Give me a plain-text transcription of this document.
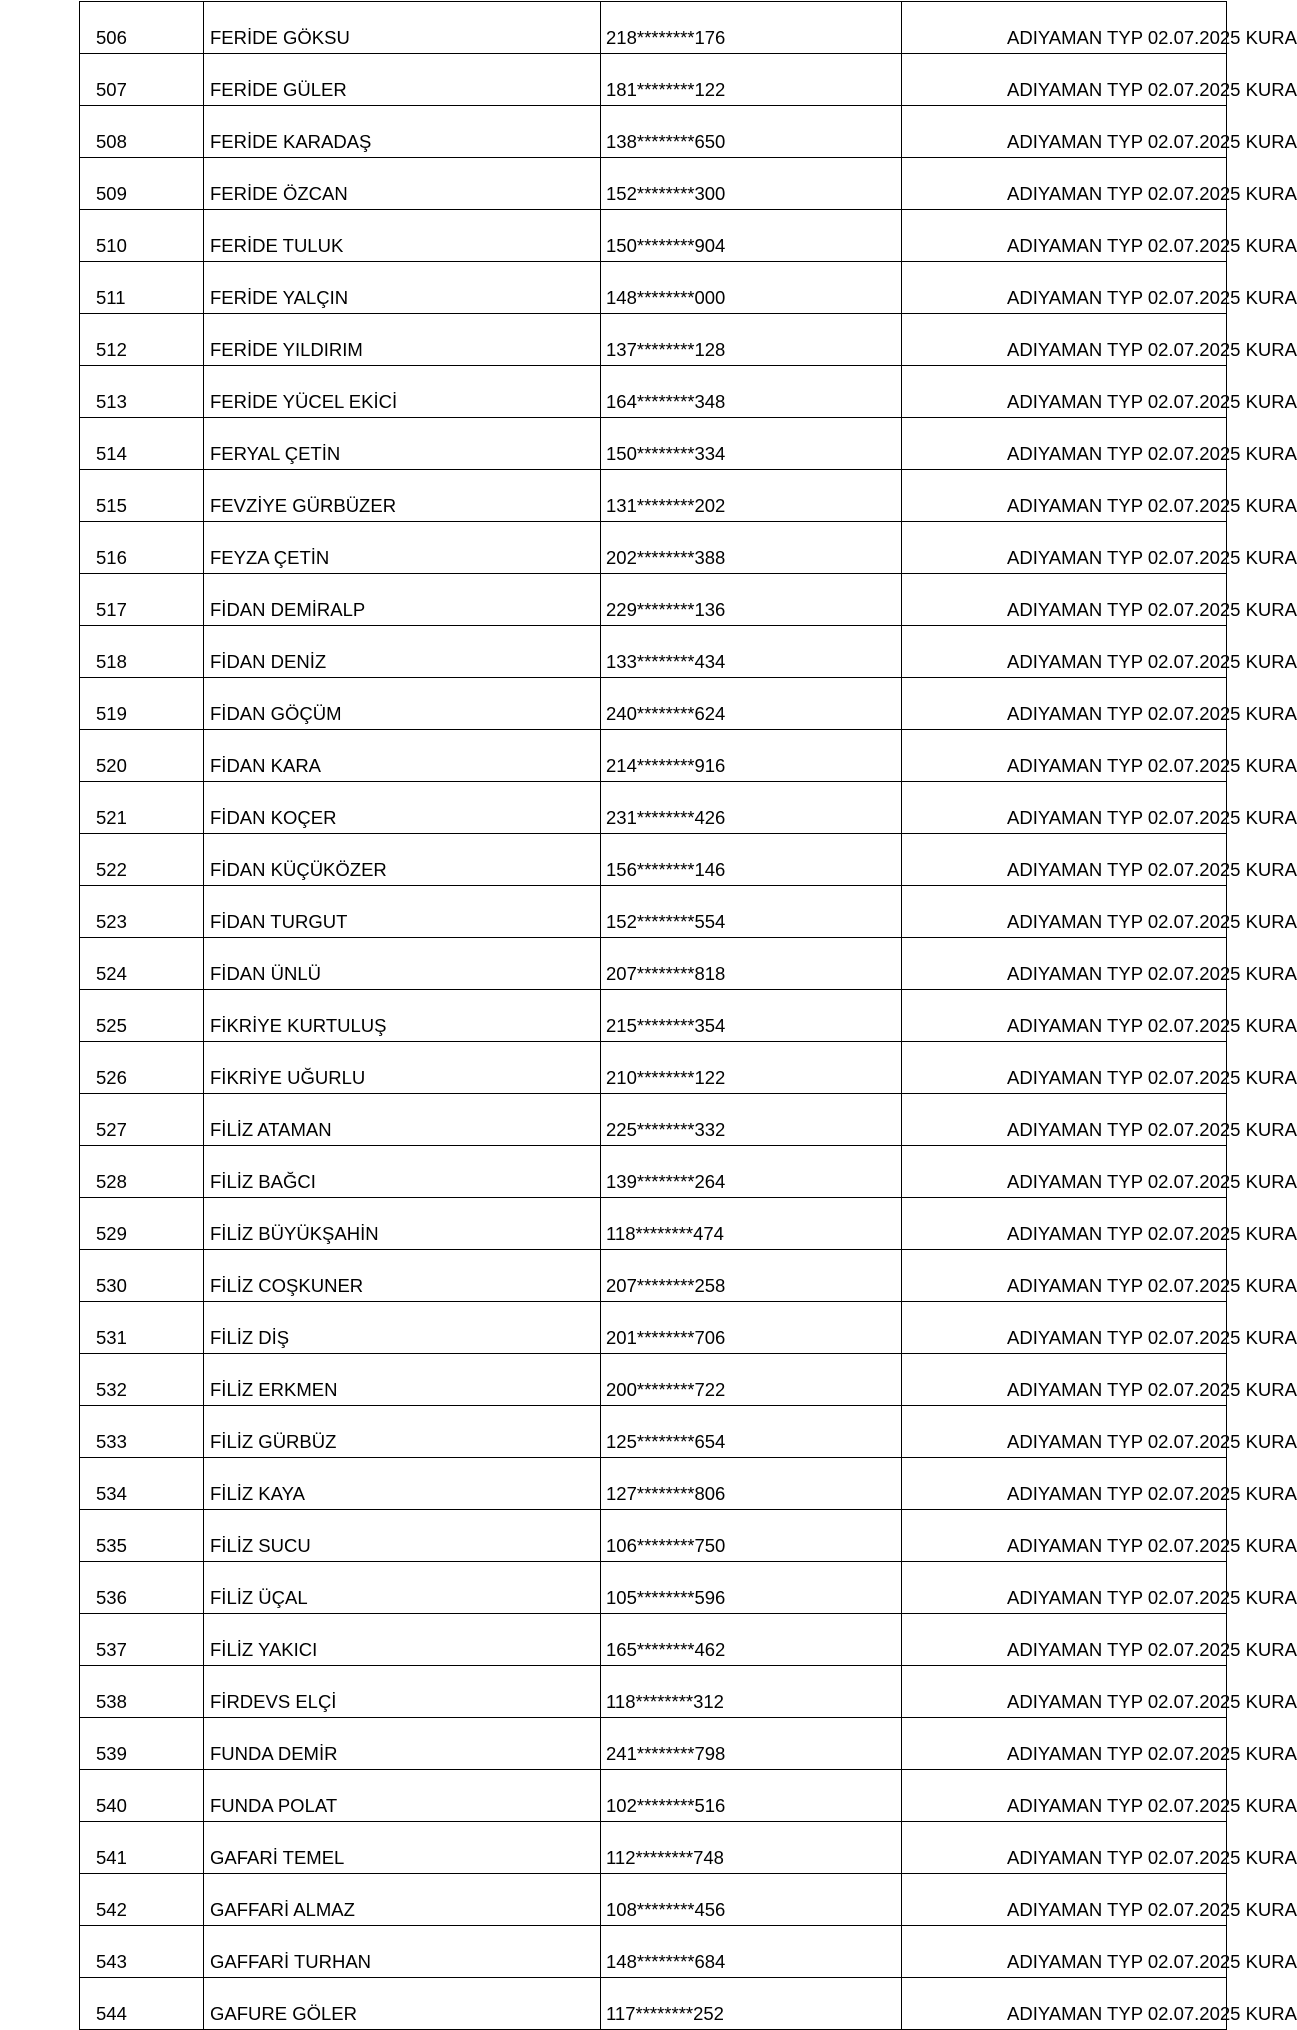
506	FERİDE GÖKSU	218********176	ADIYAMAN TYP 02.07.2025 KURA
507	FERİDE GÜLER	181********122	ADIYAMAN TYP 02.07.2025 KURA
508	FERİDE KARADAŞ	138********650	ADIYAMAN TYP 02.07.2025 KURA
509	FERİDE ÖZCAN	152********300	ADIYAMAN TYP 02.07.2025 KURA
510	FERİDE TULUK	150********904	ADIYAMAN TYP 02.07.2025 KURA
511	FERİDE YALÇIN	148********000	ADIYAMAN TYP 02.07.2025 KURA
512	FERİDE YILDIRIM	137********128	ADIYAMAN TYP 02.07.2025 KURA
513	FERİDE YÜCEL EKİCİ	164********348	ADIYAMAN TYP 02.07.2025 KURA
514	FERYAL ÇETİN	150********334	ADIYAMAN TYP 02.07.2025 KURA
515	FEVZİYE GÜRBÜZER	131********202	ADIYAMAN TYP 02.07.2025 KURA
516	FEYZA ÇETİN	202********388	ADIYAMAN TYP 02.07.2025 KURA
517	FİDAN DEMİRALP	229********136	ADIYAMAN TYP 02.07.2025 KURA
518	FİDAN DENİZ	133********434	ADIYAMAN TYP 02.07.2025 KURA
519	FİDAN GÖÇÜM	240********624	ADIYAMAN TYP 02.07.2025 KURA
520	FİDAN KARA	214********916	ADIYAMAN TYP 02.07.2025 KURA
521	FİDAN KOÇER	231********426	ADIYAMAN TYP 02.07.2025 KURA
522	FİDAN KÜÇÜKÖZER	156********146	ADIYAMAN TYP 02.07.2025 KURA
523	FİDAN TURGUT	152********554	ADIYAMAN TYP 02.07.2025 KURA
524	FİDAN ÜNLÜ	207********818	ADIYAMAN TYP 02.07.2025 KURA
525	FİKRİYE KURTULUŞ	215********354	ADIYAMAN TYP 02.07.2025 KURA
526	FİKRİYE UĞURLU	210********122	ADIYAMAN TYP 02.07.2025 KURA
527	FİLİZ ATAMAN	225********332	ADIYAMAN TYP 02.07.2025 KURA
528	FİLİZ BAĞCI	139********264	ADIYAMAN TYP 02.07.2025 KURA
529	FİLİZ BÜYÜKŞAHİN	118********474	ADIYAMAN TYP 02.07.2025 KURA
530	FİLİZ COŞKUNER	207********258	ADIYAMAN TYP 02.07.2025 KURA
531	FİLİZ DİŞ	201********706	ADIYAMAN TYP 02.07.2025 KURA
532	FİLİZ ERKMEN	200********722	ADIYAMAN TYP 02.07.2025 KURA
533	FİLİZ GÜRBÜZ	125********654	ADIYAMAN TYP 02.07.2025 KURA
534	FİLİZ KAYA	127********806	ADIYAMAN TYP 02.07.2025 KURA
535	FİLİZ SUCU	106********750	ADIYAMAN TYP 02.07.2025 KURA
536	FİLİZ ÜÇAL	105********596	ADIYAMAN TYP 02.07.2025 KURA
537	FİLİZ YAKICI	165********462	ADIYAMAN TYP 02.07.2025 KURA
538	FİRDEVS ELÇİ	118********312	ADIYAMAN TYP 02.07.2025 KURA
539	FUNDA DEMİR	241********798	ADIYAMAN TYP 02.07.2025 KURA
540	FUNDA POLAT	102********516	ADIYAMAN TYP 02.07.2025 KURA
541	GAFARİ TEMEL	112********748	ADIYAMAN TYP 02.07.2025 KURA
542	GAFFARİ ALMAZ	108********456	ADIYAMAN TYP 02.07.2025 KURA
543	GAFFARİ TURHAN	148********684	ADIYAMAN TYP 02.07.2025 KURA
544	GAFURE GÖLER	117********252	ADIYAMAN TYP 02.07.2025 KURA
